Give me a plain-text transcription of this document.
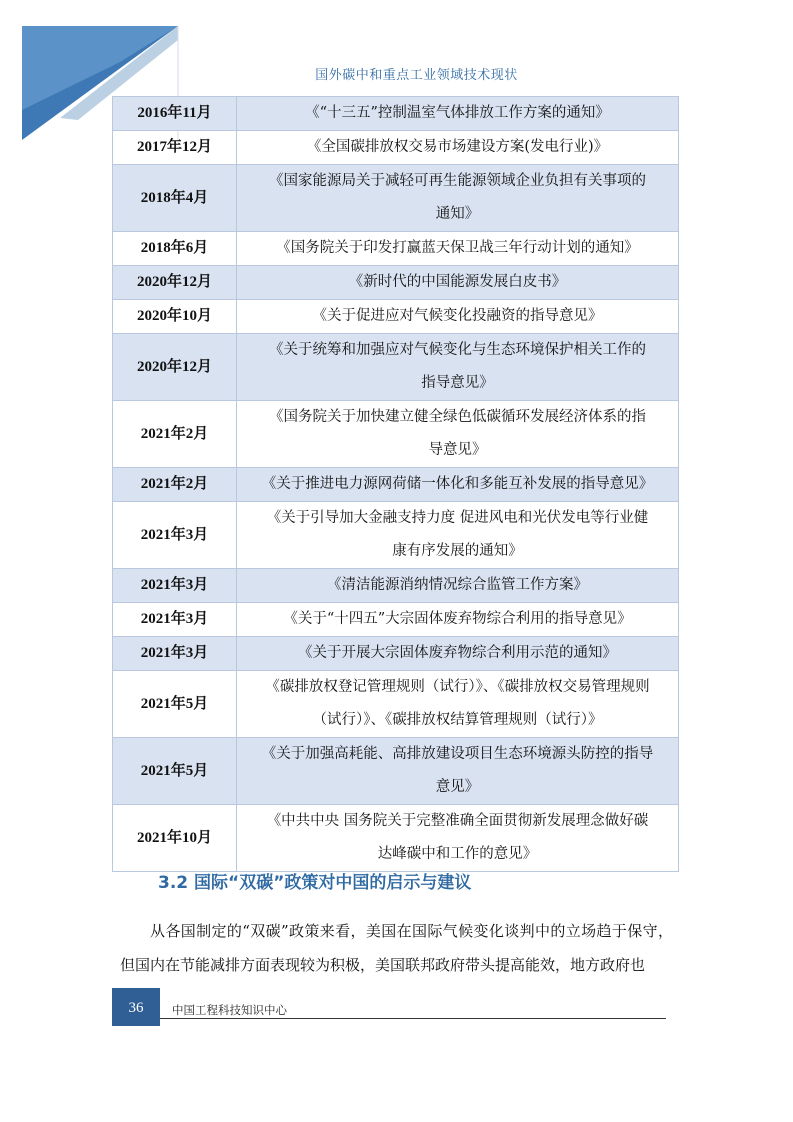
国外碳中和重点工业领域技术现状
2016年11月	《“十三五”控制温室气体排放工作方案的通知》

2017年12月	《全国碳排放权交易市场建设方案(发电行业)》

2018年4月	《国家能源局关于减轻可再生能源领域企业负担有关事项的
通知》

2018年6月	《国务院关于印发打赢蓝天保卫战三年行动计划的通知》

2020年12月	《新时代的中国能源发展白皮书》

2020年10月	《关于促进应对气候变化投融资的指导意见》

2020年12月	《关于统筹和加强应对气候变化与生态环境保护相关工作的
指导意见》

2021年2月	《国务院关于加快建立健全绿色低碳循环发展经济体系的指
导意见》

2021年2月	《关于推进电力源网荷储一体化和多能互补发展的指导意见》

2021年3月	《关于引导加大金融支持力度 促进风电和光伏发电等行业健
康有序发展的通知》

2021年3月	《清洁能源消纳情况综合监管工作方案》

2021年3月	《关于“十四五”大宗固体废弃物综合利用的指导意见》

2021年3月	《关于开展大宗固体废弃物综合利用示范的通知》

2021年5月	《碳排放权登记管理规则（试行）》、《碳排放权交易管理规则
（试行）》、《碳排放权结算管理规则（试行）》

2021年5月	《关于加强高耗能、高排放建设项目生态环境源头防控的指导
意见》

2021年10月	《中共中央 国务院关于完整准确全面贯彻新发展理念做好碳
达峰碳中和工作的意见》
3.2 国际“双碳”政策对中国的启示与建议
从各国制定的“双碳”政策来看，美国在国际气候变化谈判中的立场趋于保守，但国内在节能减排方面表现较为积极，美国联邦政府带头提高能效，地方政府也
36	中国工程科技知识中心
